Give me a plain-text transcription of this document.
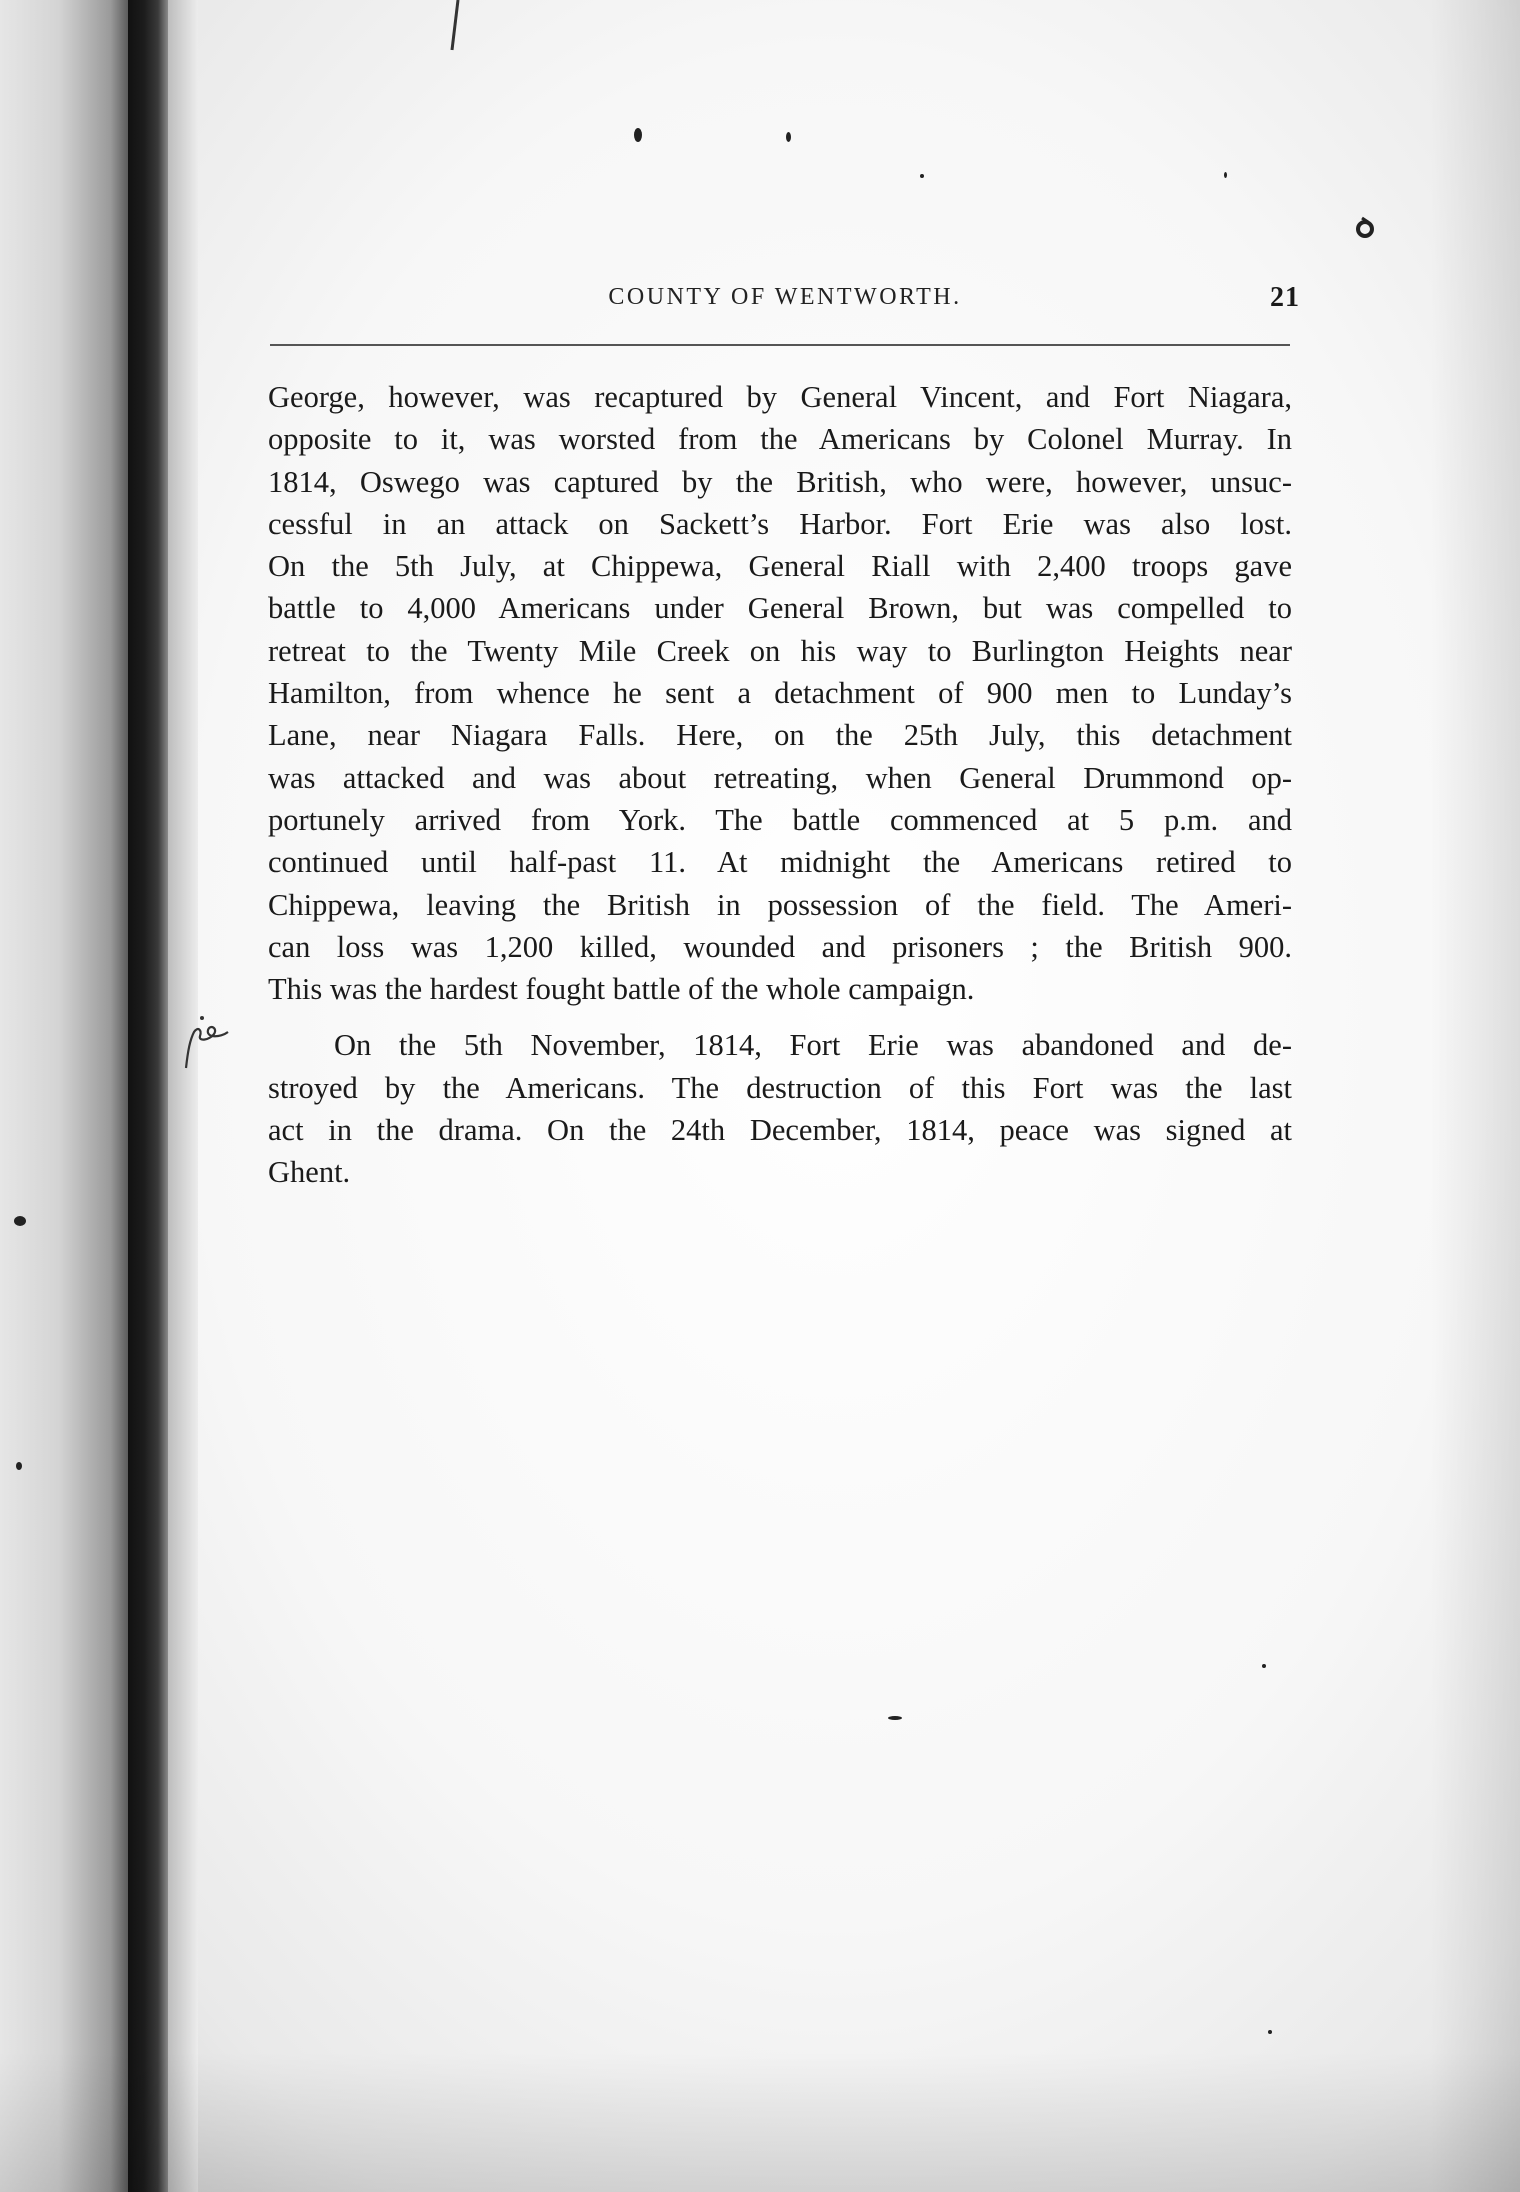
COUNTY OF WENTWORTH.	21
George, however, was recaptured by General Vincent, and Fort Niagara,
opposite to it, was worsted from the Americans by Colonel Murray. In
1814, Oswego was captured by the British, who were, however, unsuc-
cessful in an attack on Sackett’s Harbor. Fort Erie was also lost.
On the 5th July, at Chippewa, General Riall with 2,400 troops gave
battle to 4,000 Americans under General Brown, but was compelled to
retreat to the Twenty Mile Creek on his way to Burlington Heights near
Hamilton, from whence he sent a detachment of 900 men to Lunday’s
Lane, near Niagara Falls. Here, on the 25th July, this detachment
was attacked and was about retreating, when General Drummond op-
portunely arrived from York. The battle commenced at 5 p.m. and
continued until half-past 11. At midnight the Americans retired to
Chippewa, leaving the British in possession of the field. The Ameri-
can loss was 1,200 killed, wounded and prisoners ; the British 900.
This was the hardest fought battle of the whole campaign.
On the 5th November, 1814, Fort Erie was abandoned and de-
stroyed by the Americans. The destruction of this Fort was the last
act in the drama. On the 24th December, 1814, peace was signed at
Ghent.
